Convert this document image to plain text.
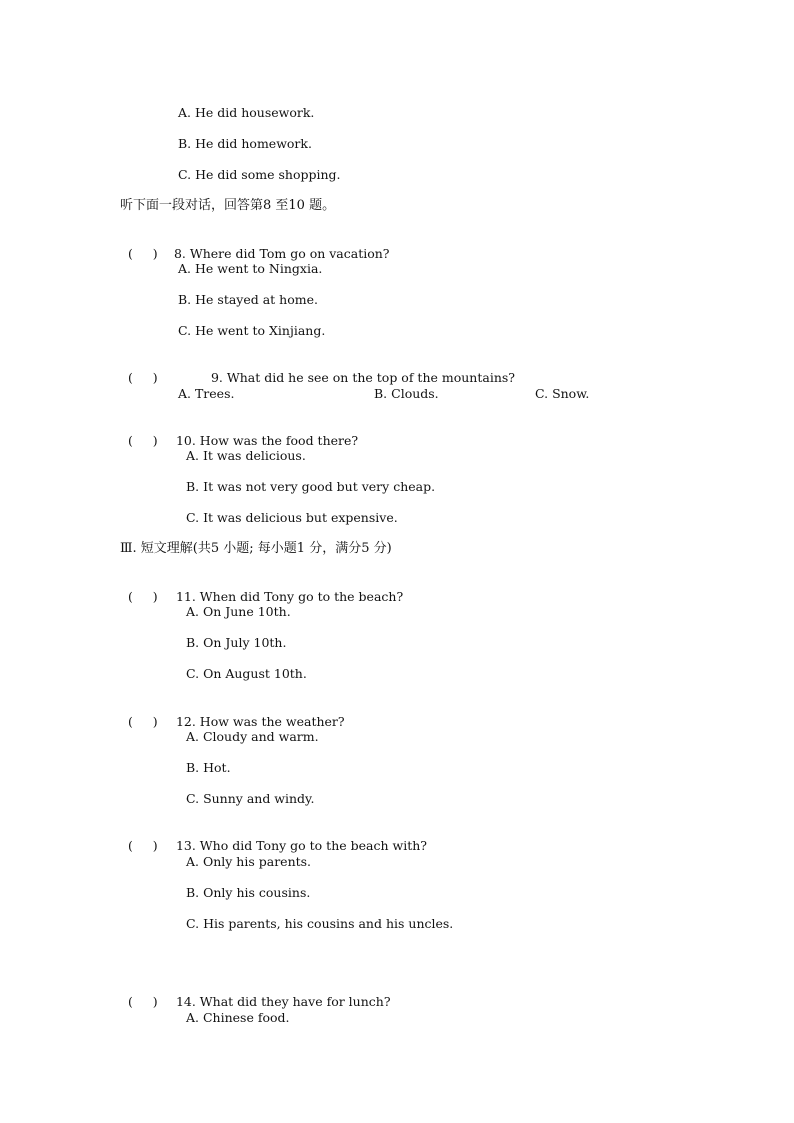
A. He did housework.
B. He did homework.
C. He did some shopping.
听下面一段对话，回答第8 至10 题。

(     ) 8. Where did Tom go on vacation?

A. He went to Ningxia.
B. He stayed at home.
C. He went to Xinjiang.

(     )	9. What did he see on the top of the mountains?

A. Trees.	B. Clouds.	C. Snow.

(     ) 10. How was the food there?

A. It was delicious.
B. It was not very good but very cheap.
C. It was delicious but expensive.
Ⅲ. 短文理解(共5 小题; 每小题1 分，满分5 分)

(     ) 11. When did Tony go to the beach?

A. On June 10th.
B. On July 10th.
C. On August 10th.

(     ) 12. How was the weather?

A. Cloudy and warm.
B. Hot.
C. Sunny and windy.

(     ) 13. Who did Tony go to the beach with?

A. Only his parents.
B. Only his cousins.
C. His parents, his cousins and his uncles.

(     ) 14. What did they have for lunch?

A. Chinese food.
